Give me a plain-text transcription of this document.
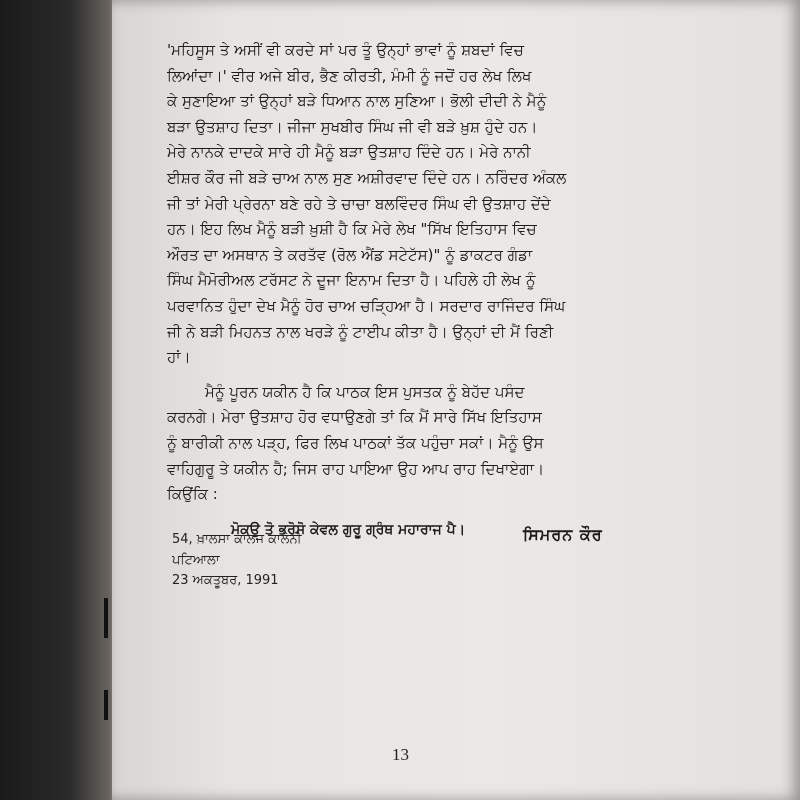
'ਮਹਿਸੂਸ ਤੇ ਅਸੀਂ ਵੀ ਕਰਦੇ ਸਾਂ ਪਰ ਤੂੰ ਉਨ੍ਹਾਂ ਭਾਵਾਂ ਨੂੰ ਸ਼ਬਦਾਂ ਵਿਚ
ਲਿਆਂਦਾ।' ਵੀਰ ਅਜੇ ਬੀਰ, ਭੈਣ ਕੀਰਤੀ, ਮੰਮੀ ਨੂੰ ਜਦੋਂ ਹਰ ਲੇਖ ਲਿਖ
ਕੇ ਸੁਣਾਇਆ ਤਾਂ ਉਨ੍ਹਾਂ ਬੜੇ ਧਿਆਨ ਨਾਲ ਸੁਣਿਆ। ਭੋਲੀ ਦੀਦੀ ਨੇ ਮੈਨੂੰ
ਬੜਾ ਉਤਸ਼ਾਹ ਦਿਤਾ। ਜੀਜਾ ਸੁਖਬੀਰ ਸਿੰਘ ਜੀ ਵੀ ਬੜੇ ਖ਼ੁਸ਼ ਹੁੰਦੇ ਹਨ।
ਮੇਰੇ ਨਾਨਕੇ ਦਾਦਕੇ ਸਾਰੇ ਹੀ ਮੈਨੂੰ ਬੜਾ ਉਤਸ਼ਾਹ ਦਿੰਦੇ ਹਨ। ਮੇਰੇ ਨਾਨੀ
ਈਸ਼ਰ ਕੌਰ ਜੀ ਬੜੇ ਚਾਅ ਨਾਲ ਸੁਣ ਅਸ਼ੀਰਵਾਦ ਦਿੰਦੇ ਹਨ। ਨਰਿੰਦਰ ਅੰਕਲ
ਜੀ ਤਾਂ ਮੇਰੀ ਪ੍ਰੇਰਨਾ ਬਣੇ ਰਹੇ ਤੇ ਚਾਚਾ ਬਲਵਿੰਦਰ ਸਿੰਘ ਵੀ ਉਤਸ਼ਾਹ ਦੇਂਦੇ
ਹਨ। ਇਹ ਲਿਖ ਮੈਨੂੰ ਬੜੀ ਖ਼ੁਸ਼ੀ ਹੈ ਕਿ ਮੇਰੇ ਲੇਖ "ਸਿੱਖ ਇਤਿਹਾਸ ਵਿਚ
ਔਰਤ ਦਾ ਅਸਥਾਨ ਤੇ ਕਰਤੱਵ (ਰੋਲ ਐਂਡ ਸਟੇਟੱਸ)" ਨੂੰ ਡਾਕਟਰ ਗੰਡਾ
ਸਿੰਘ ਮੈਮੋਰੀਅਲ ਟਰੱਸਟ ਨੇ ਦੂਜਾ ਇਨਾਮ ਦਿਤਾ ਹੈ। ਪਹਿਲੇ ਹੀ ਲੇਖ ਨੂੰ
ਪਰਵਾਨਿਤ ਹੁੰਦਾ ਦੇਖ ਮੈਨੂੰ ਹੋਰ ਚਾਅ ਚੜ੍ਹਿਆ ਹੈ। ਸਰਦਾਰ ਰਾਜਿੰਦਰ ਸਿੰਘ
ਜੀ ਨੇ ਬੜੀ ਮਿਹਨਤ ਨਾਲ ਖਰੜੇ ਨੂੰ ਟਾਈਪ ਕੀਤਾ ਹੈ। ਉਨ੍ਹਾਂ ਦੀ ਮੈਂ ਰਿਣੀ
ਹਾਂ।

ਮੈਨੂੰ ਪੂਰਨ ਯਕੀਨ ਹੈ ਕਿ ਪਾਠਕ ਇਸ ਪੁਸਤਕ ਨੂੰ ਬੇਹੱਦ ਪਸੰਦ
ਕਰਨਗੇ। ਮੇਰਾ ਉਤਸ਼ਾਹ ਹੋਰ ਵਧਾਉਣਗੇ ਤਾਂ ਕਿ ਮੈਂ ਸਾਰੇ ਸਿੱਖ ਇਤਿਹਾਸ
ਨੂੰ ਬਾਰੀਕੀ ਨਾਲ ਪੜ੍ਹ, ਫਿਰ ਲਿਖ ਪਾਠਕਾਂ ਤੱਕ ਪਹੁੰਚਾ ਸਕਾਂ। ਮੈਨੂੰ ਉਸ
ਵਾਹਿਗੁਰੂ ਤੇ ਯਕੀਨ ਹੈ; ਜਿਸ ਰਾਹ ਪਾਇਆ ਉਹ ਆਪ ਰਾਹ ਦਿਖਾਏਗਾ।

ਕਿਉਂਕਿ :

ਮੋਕਉ ਤੋ ਭਰੋਸੋ ਕੇਵਲ ਗੁਰੂ ਗ੍ਰੰਥ ਮਹਾਰਾਜ ਪੈ।	ਸਿਮਰਨ ਕੌਰ
54, ਖ਼ਾਲਸਾ ਕਾਲਜ ਕਾਲੋਨੀ
ਪਟਿਆਲਾ
23 ਅਕਤੂਬਰ, 1991
13
